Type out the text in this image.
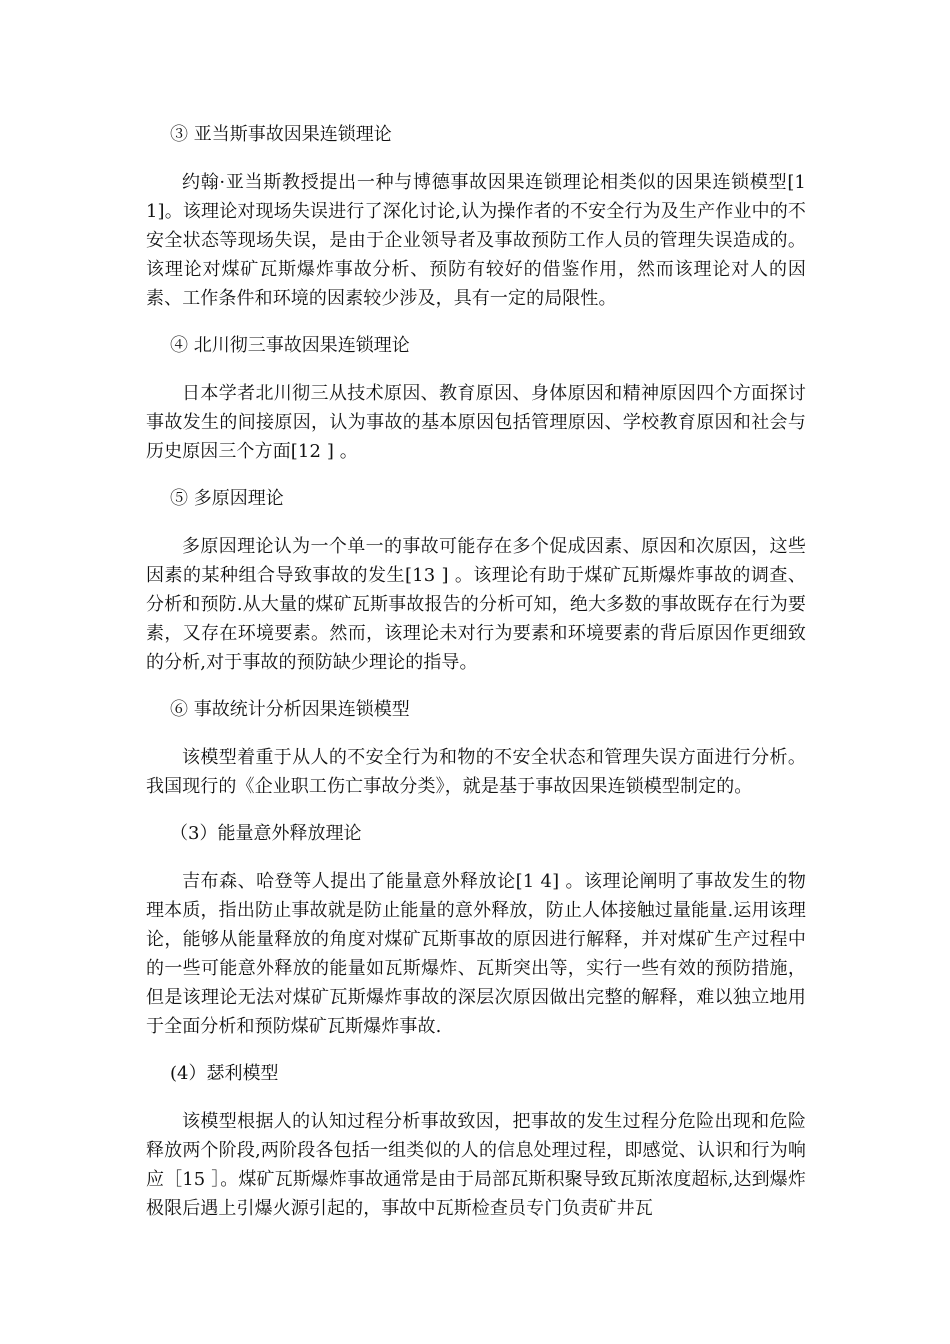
③ 亚当斯事故因果连锁理论

约翰·亚当斯教授提出一种与博德事故因果连锁理论相类似的因果连锁模型[1 1]。该理论对现场失误进行了深化讨论,认为操作者的不安全行为及生产作业中的不安全状态等现场失误，是由于企业领导者及事故预防工作人员的管理失误造成的。该理论对煤矿瓦斯爆炸事故分析、预防有较好的借鉴作用，然而该理论对人的因素、工作条件和环境的因素较少涉及，具有一定的局限性。

④ 北川彻三事故因果连锁理论

日本学者北川彻三从技术原因、教育原因、身体原因和精神原因四个方面探讨事故发生的间接原因，认为事故的基本原因包括管理原因、学校教育原因和社会与历史原因三个方面[12 ] 。

⑤ 多原因理论

多原因理论认为一个单一的事故可能存在多个促成因素、原因和次原因，这些因素的某种组合导致事故的发生[13 ] 。该理论有助于煤矿瓦斯爆炸事故的调查、分析和预防.从大量的煤矿瓦斯事故报告的分析可知，绝大多数的事故既存在行为要素，又存在环境要素。然而，该理论未对行为要素和环境要素的背后原因作更细致的分析,对于事故的预防缺少理论的指导。

⑥ 事故统计分析因果连锁模型

该模型着重于从人的不安全行为和物的不安全状态和管理失误方面进行分析。我国现行的《企业职工伤亡事故分类》，就是基于事故因果连锁模型制定的。

（3）能量意外释放理论

吉布森、哈登等人提出了能量意外释放论[1 4] 。该理论阐明了事故发生的物理本质，指出防止事故就是防止能量的意外释放，防止人体接触过量能量.运用该理论，能够从能量释放的角度对煤矿瓦斯事故的原因进行解释，并对煤矿生产过程中的一些可能意外释放的能量如瓦斯爆炸、瓦斯突出等，实行一些有效的预防措施，但是该理论无法对煤矿瓦斯爆炸事故的深层次原因做出完整的解释，难以独立地用于全面分析和预防煤矿瓦斯爆炸事故.

(4）瑟利模型

该模型根据人的认知过程分析事故致因，把事故的发生过程分危险出现和危险释放两个阶段,两阶段各包括一组类似的人的信息处理过程，即感觉、认识和行为响应［15 ］。煤矿瓦斯爆炸事故通常是由于局部瓦斯积聚导致瓦斯浓度超标,达到爆炸极限后遇上引爆火源引起的，事故中瓦斯检查员专门负责矿井瓦
